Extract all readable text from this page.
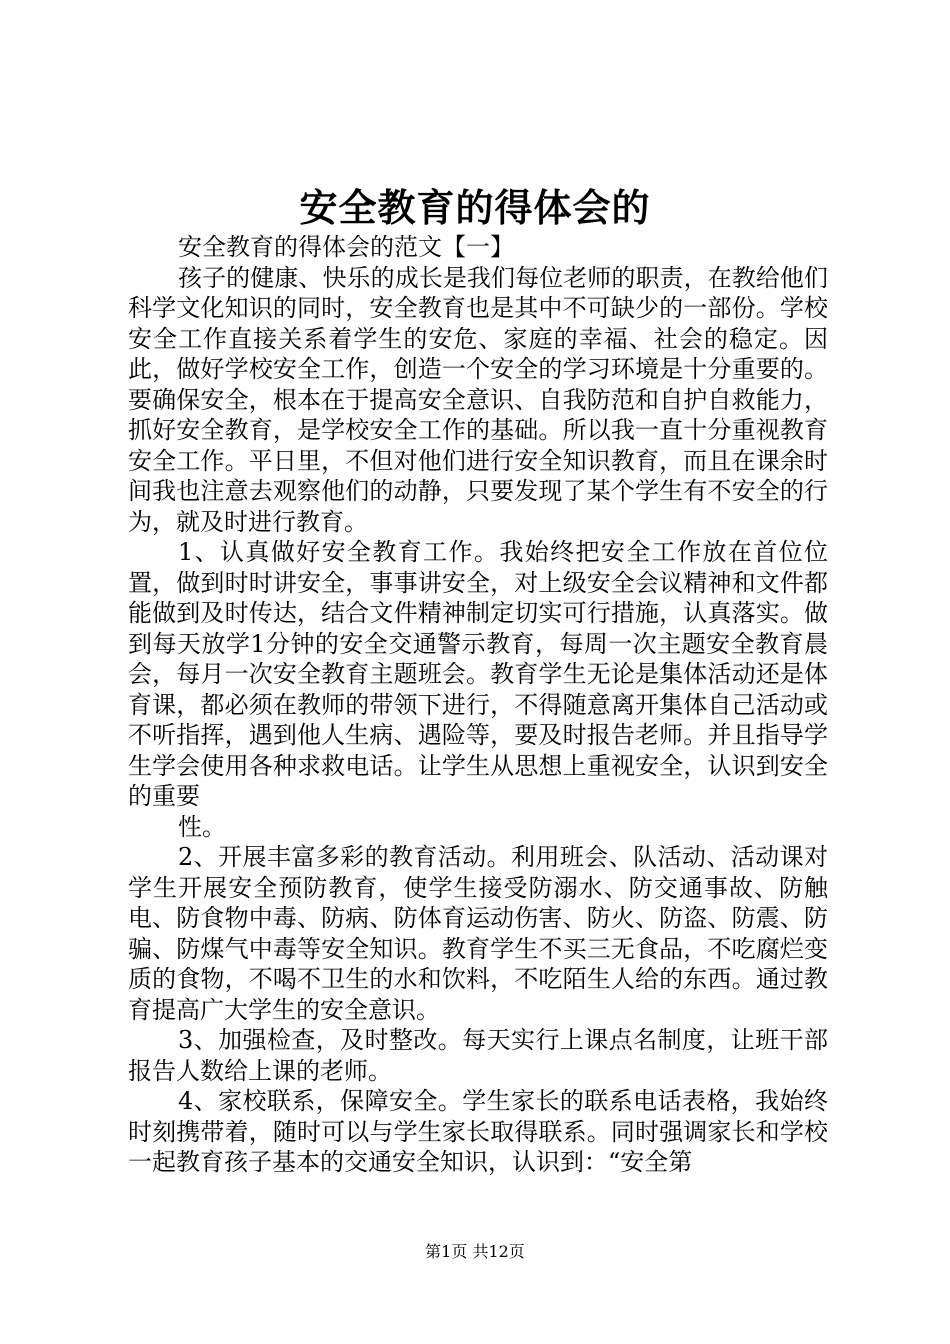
安全教育的得体会的

安全教育的得体会的范文【一】

孩子的健康、快乐的成长是我们每位老师的职责，在教给他们科学文化知识的同时，安全教育也是其中不可缺少的一部份。学校安全工作直接关系着学生的安危、家庭的幸福、社会的稳定。因此，做好学校安全工作，创造一个安全的学习环境是十分重要的。要确保安全，根本在于提高安全意识、自我防范和自护自救能力，抓好安全教育，是学校安全工作的基础。所以我一直十分重视教育安全工作。平日里，不但对他们进行安全知识教育，而且在课余时间我也注意去观察他们的动静，只要发现了某个学生有不安全的行为，就及时进行教育。

1、认真做好安全教育工作。我始终把安全工作放在首位位置，做到时时讲安全，事事讲安全，对上级安全会议精神和文件都能做到及时传达，结合文件精神制定切实可行措施，认真落实。做到每天放学1分钟的安全交通警示教育，每周一次主题安全教育晨会，每月一次安全教育主题班会。教育学生无论是集体活动还是体育课，都必须在教师的带领下进行，不得随意离开集体自己活动或不听指挥，遇到他人生病、遇险等，要及时报告老师。并且指导学生学会使用各种求救电话。让学生从思想上重视安全，认识到安全的重要

性。

2、开展丰富多彩的教育活动。利用班会、队活动、活动课对学生开展安全预防教育，使学生接受防溺水、防交通事故、防触电、防食物中毒、防病、防体育运动伤害、防火、防盗、防震、防骗、防煤气中毒等安全知识。教育学生不买三无食品，不吃腐烂变质的食物，不喝不卫生的水和饮料，不吃陌生人给的东西。通过教育提高广大学生的安全意识。

3、加强检查，及时整改。每天实行上课点名制度，让班干部报告人数给上课的老师。

4、家校联系，保障安全。学生家长的联系电话表格，我始终时刻携带着，随时可以与学生家长取得联系。同时强调家长和学校一起教育孩子基本的交通安全知识，认识到：“安全第

第1页 共12页
